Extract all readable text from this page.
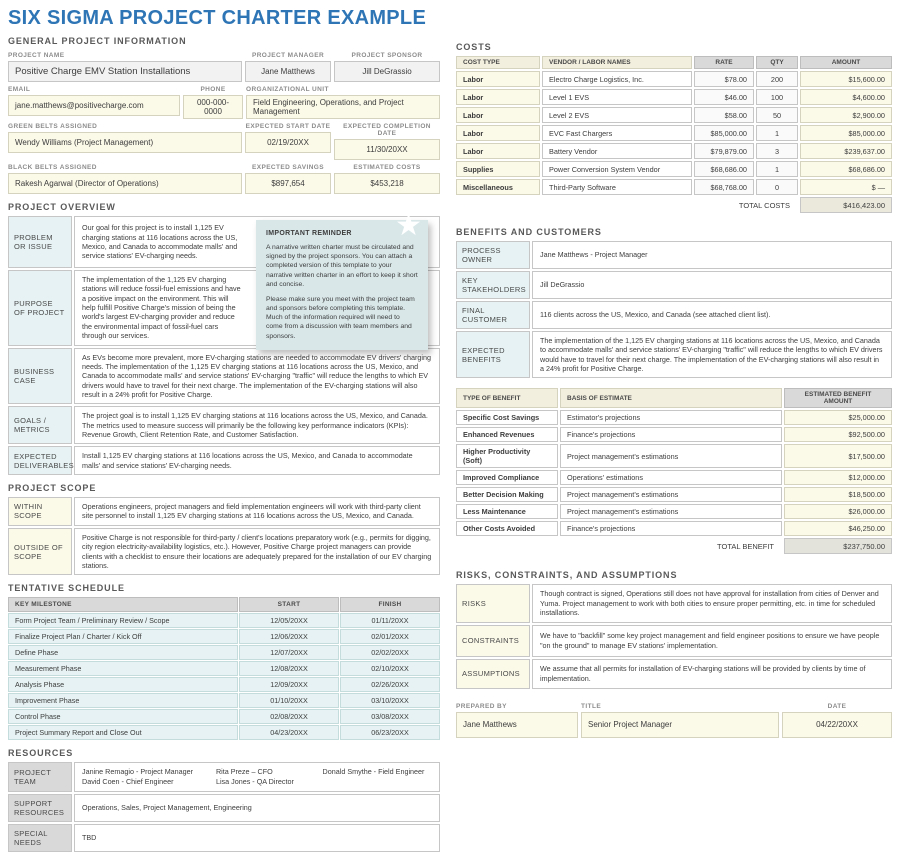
SIX SIGMA PROJECT CHARTER EXAMPLE
GENERAL PROJECT INFORMATION
PROJECT NAME
Positive Charge EMV Station Installations
PROJECT MANAGER
Jane Matthews
PROJECT SPONSOR
Jill DeGrassio
EMAIL
jane.matthews@positivecharge.com
PHONE
000-000-0000
ORGANIZATIONAL UNIT
Field Engineering, Operations, and Project Management
GREEN BELTS ASSIGNED
Wendy Williams (Project Management)
EXPECTED START DATE
02/19/20XX
EXPECTED COMPLETION DATE
11/30/20XX
BLACK BELTS ASSIGNED
Rakesh Agarwal (Director of Operations)
EXPECTED SAVINGS
$897,654
ESTIMATED COSTS
$453,218
PROJECT OVERVIEW
PROBLEM OR ISSUE
Our goal for this project is to install 1,125 EV charging stations at 116 locations across the US, Mexico, and Canada to accommodate malls' and service stations' EV-charging needs.
PURPOSE OF PROJECT
The implementation of the 1,125 EV charging stations will reduce fossil-fuel emissions and have a positive impact on the environment. This will help fulfill Positive Charge's mission of being the world's largest EV-charging provider and reduce the environmental impact of fossil-fuel cars through our services.
BUSINESS CASE
As EVs become more prevalent, more EV-charging stations are needed to accommodate EV drivers' charging needs. The implementation of the 1,125 EV charging stations at 116 locations across the US, Mexico, and Canada to accommodate malls' and service stations' EV-charging "traffic" will reduce the lengths to which EV drivers would have to travel for their next charge. The implementation of the EV-charging stations will also result in a 24% profit for Positive Charge.
GOALS / METRICS
The project goal is to install 1,125 EV charging stations at 116 locations across the US, Mexico, and Canada. The metrics used to measure success will primarily be the following key performance indicators (KPIs): Revenue Growth, Client Retention Rate, and Customer Satisfaction.
EXPECTED DELIVERABLES
Install 1,125 EV charging stations at 116 locations across the US, Mexico, and Canada to accommodate malls' and service stations' EV-charging needs.
★
IMPORTANT REMINDER

A narrative written charter must be circulated and signed by the project sponsors. You can attach a completed version of this template to your narrative written charter in an effort to keep it short and concise.

Please make sure you meet with the project team and sponsors before completing this template. Much of the information required will need to come from a discussion with team members and sponsors.

PROJECT SCOPE
WITHIN SCOPE
Operations engineers, project managers and field implementation engineers will work with third-party client site personnel to install 1,125 EV charging stations at 116 locations across the US, Mexico, and Canada.
OUTSIDE OF SCOPE
Positive Charge is not responsible for third-party / client's locations preparatory work (e.g., permits for digging, city region electricity-availability logistics, etc.). However, Positive Charge project managers can provide clients with a checklist to ensure their locations are adequately prepared for the installation of our EV charging stations.
TENTATIVE SCHEDULE
KEY MILESTONE	START	FINISH
Form Project Team / Preliminary Review / Scope	12/05/20XX	01/11/20XX
Finalize Project Plan / Charter / Kick Off	12/06/20XX	02/01/20XX
Define Phase	12/07/20XX	02/02/20XX
Measurement Phase	12/08/20XX	02/10/20XX
Analysis Phase	12/09/20XX	02/26/20XX
Improvement Phase	01/10/20XX	03/10/20XX
Control Phase	02/08/20XX	03/08/20XX
Project Summary Report and Close Out	04/23/20XX	06/23/20XX
RESOURCES
PROJECT TEAM
Janine Remagio - Project Manager
David Coen - Chief Engineer
Rita Preze – CFO
Lisa Jones - QA Director
Donald Smythe - Field Engineer
SUPPORT RESOURCES
Operations, Sales, Project Management, Engineering
SPECIAL NEEDS
TBD
COSTS
COST TYPE	VENDOR / LABOR NAMES	RATE	QTY	AMOUNT
Labor	Electro Charge Logistics, Inc.	$78.00	200	$15,600.00
Labor	Level 1 EVS	$46.00	100	$4,600.00
Labor	Level 2 EVS	$58.00	50	$2,900.00
Labor	EVC Fast Chargers	$85,000.00	1	$85,000.00
Labor	Battery Vendor	$79,879.00	3	$239,637.00
Supplies	Power Conversion System Vendor	$68,686.00	1	$68,686.00
Miscellaneous	Third-Party Software	$68,768.00	0	$ —
TOTAL COSTS	$416,423.00
BENEFITS AND CUSTOMERS
PROCESS OWNER
Jane Matthews - Project Manager
KEY STAKEHOLDERS
Jill DeGrassio
FINAL CUSTOMER
116 clients across the US, Mexico, and Canada (see attached client list).
EXPECTED BENEFITS
The implementation of the 1,125 EV charging stations at 116 locations across the US, Mexico, and Canada to accommodate malls' and service stations' EV-charging "traffic" will reduce the lengths to which EV drivers would have to travel for their next charge. The implementation of the EV-charging stations will also result in a 24% profit for Positive Charge.
TYPE OF BENEFIT	BASIS OF ESTIMATE	ESTIMATED BENEFIT AMOUNT
Specific Cost Savings	Estimator's projections	$25,000.00
Enhanced Revenues	Finance's projections	$92,500.00
Higher Productivity (Soft)	Project management's estimations	$17,500.00
Improved Compliance	Operations' estimations	$12,000.00
Better Decision Making	Project management's estimations	$18,500.00
Less Maintenance	Project management's estimations	$26,000.00
Other Costs Avoided	Finance's projections	$46,250.00
TOTAL BENEFIT	$237,750.00
RISKS, CONSTRAINTS, AND ASSUMPTIONS
RISKS
Though contract is signed, Operations still does not have approval for installation from cities of Denver and Yuma. Project management to work with both cities to ensure proper permitting, etc. in time for scheduled installations.
CONSTRAINTS
We have to "backfill" some key project management and field engineer positions to ensure we have people "on the ground" to manage EV stations' implementation.
ASSUMPTIONS
We assume that all permits for installation of EV-charging stations will be provided by clients by time of implementation.
PREPARED BY
Jane Matthews
TITLE
Senior Project Manager
DATE
04/22/20XX
